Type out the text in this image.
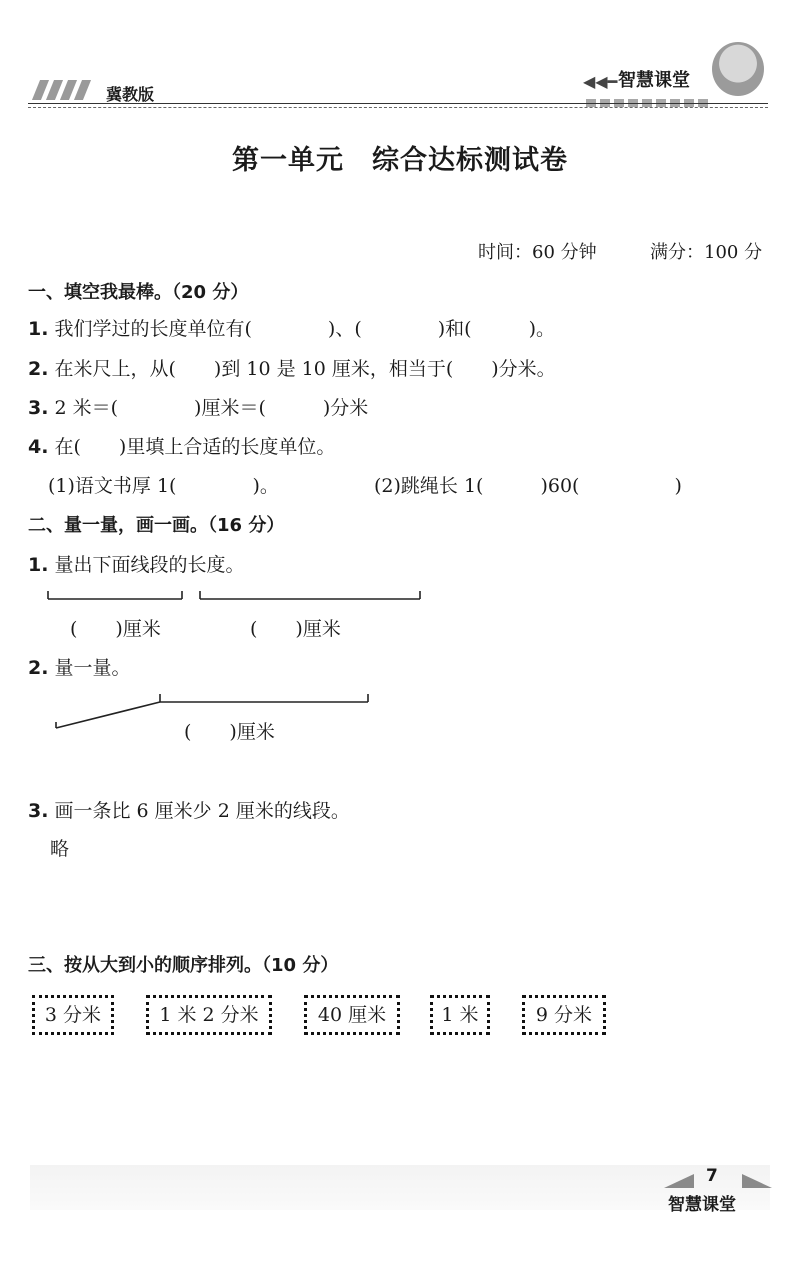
冀教版
◀◀━ 智慧课堂
第一单元　综合达标测试卷
时间：60 分钟	满分：100 分
一、填空我最棒。（20 分）
1. 我们学过的长度单位有(　　　　)、(　　　　)和(　　　)。
2. 在米尺上，从(　　)到 10 是 10 厘米，相当于(　　)分米。
3. 2 米＝(　　　　)厘米＝(　　　)分米
4. 在(　　)里填上合适的长度单位。
(1)语文书厚 1(　　　　)。	(2)跳绳长 1(　　　)60(　　　　　)
二、量一量，画一画。（16 分）
1. 量出下面线段的长度。
(　　)厘米	(　　)厘米
2. 量一量。
(　　)厘米
3. 画一条比 6 厘米少 2 厘米的线段。
略
三、按从大到小的顺序排列。（10 分）
3 分米	1 米 2 分米	40 厘米	1 米	9 分米
7
智慧课堂
